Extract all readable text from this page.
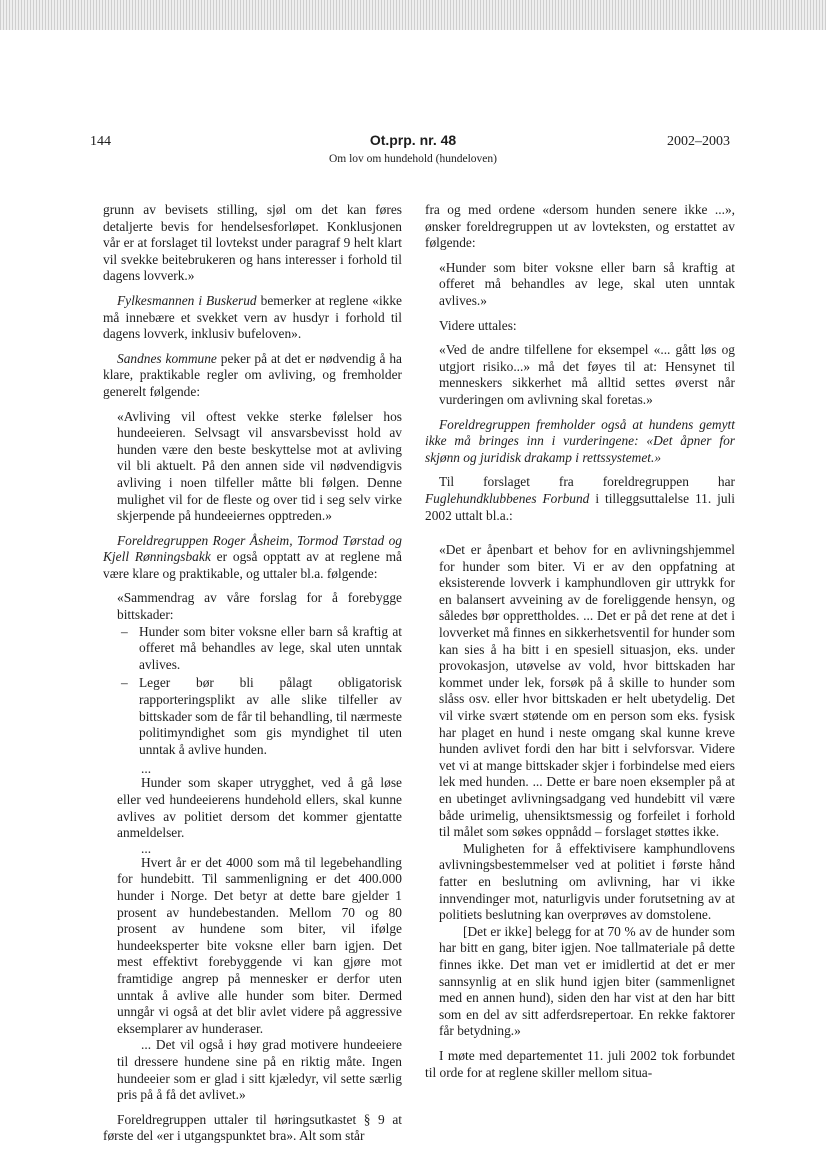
144	Ot.prp. nr. 48
Om lov om hundehold (hundeloven)
2002–2003

grunn av bevisets stilling, sjøl om det kan føres detaljerte bevis for hendelsesforløpet. Konklusjonen vår er at forslaget til lovtekst under paragraf 9 helt klart vil svekke beitebrukeren og hans interesser i forhold til dagens lovverk.»

Fylkesmannen i Buskerud bemerker at reglene «ikke må innebære et svekket vern av husdyr i forhold til dagens lovverk, inklusiv bufeloven».

Sandnes kommune peker på at det er nødvendig å ha klare, praktikable regler om avliving, og fremholder generelt følgende:

«Avliving vil oftest vekke sterke følelser hos hundeeieren. Selvsagt vil ansvarsbevisst hold av hunden være den beste beskyttelse mot at avliving vil bli aktuelt. På den annen side vil nødvendigvis avliving i noen tilfeller måtte bli følgen. Denne mulighet vil for de fleste og over tid i seg selv virke skjerpende på hundeeiernes opptreden.»

Foreldregruppen Roger Åsheim, Tormod Tørstad og Kjell Rønningsbakk er også opptatt av at reglene må være klare og praktikable, og uttaler bl.a. følgende:

«Sammendrag av våre forslag for å forebygge bittskader:

– Hunder som biter voksne eller barn så kraftig at offeret må behandles av lege, skal uten unntak avlives.
– Leger bør bli pålagt obligatorisk rapporteringsplikt av alle slike tilfeller av bittskader som de får til behandling, til nærmeste politimyndighet som gis myndighet til uten unntak å avlive hunden.
...

Hunder som skaper utrygghet, ved å gå løse eller ved hundeeierens hundehold ellers, skal kunne avlives av politiet dersom det kommer gjentatte anmeldelser.

...

Hvert år er det 4000 som må til legebehandling for hundebitt. Til sammenligning er det 400.000 hunder i Norge. Det betyr at dette bare gjelder 1 prosent av hundebestanden. Mellom 70 og 80 prosent av hundene som biter, vil ifølge hundeeksperter bite voksne eller barn igjen. Det mest effektivt forebyggende vi kan gjøre mot framtidige angrep på mennesker er derfor uten unntak å avlive alle hunder som biter. Dermed unngår vi også at det blir avlet videre på aggressive eksemplarer av hunderaser.

... Det vil også i høy grad motivere hundeeiere til dressere hundene sine på en riktig måte. Ingen hundeeier som er glad i sitt kjæledyr, vil sette særlig pris på å få det avlivet.»

Foreldregruppen uttaler til høringsutkastet § 9 at første del «er i utgangspunktet bra». Alt som står

fra og med ordene «dersom hunden senere ikke ...», ønsker foreldregruppen ut av lovteksten, og erstattet av følgende:

«Hunder som biter voksne eller barn så kraftig at offeret må behandles av lege, skal uten unntak avlives.»

Videre uttales:

«Ved de andre tilfellene for eksempel «... gått løs og utgjort risiko...» må det føyes til at: Hensynet til menneskers sikkerhet må alltid settes øverst når vurderingen om avlivning skal foretas.»

Foreldregruppen fremholder også at hundens gemytt ikke må bringes inn i vurderingene: «Det åpner for skjønn og juridisk drakamp i rettssystemet.»

Til forslaget fra foreldregruppen har Fuglehundklubbenes Forbund i tilleggsuttalelse 11. juli 2002 uttalt bl.a.:

«Det er åpenbart et behov for en avlivningshjemmel for hunder som biter. Vi er av den oppfatning at eksisterende lovverk i kamphundloven gir uttrykk for en balansert avveining av de foreliggende hensyn, og således bør opprettholdes. ... Det er på det rene at det i lovverket må finnes en sikkerhetsventil for hunder som kan sies å ha bitt i en spesiell situasjon, eks. under provokasjon, utøvelse av vold, hvor bittskaden har kommet under lek, forsøk på å skille to hunder som slåss osv. eller hvor bittskaden er helt ubetydelig. Det vil virke svært støtende om en person som eks. fysisk har plaget en hund i neste omgang skal kunne kreve hunden avlivet fordi den har bitt i selvforsvar. Videre vet vi at mange bittskader skjer i forbindelse med eiers lek med hunden. ... Dette er bare noen eksempler på at en ubetinget avlivningsadgang ved hundebitt vil være både urimelig, uhensiktsmessig og forfeilet i forhold til målet som søkes oppnådd – forslaget støttes ikke.

Muligheten for å effektivisere kamphundlovens avlivningsbestemmelser ved at politiet i første hånd fatter en beslutning om avlivning, har vi ikke innvendinger mot, naturligvis under forutsetning av at politiets beslutning kan overprøves av domstolene.

[Det er ikke] belegg for at 70 % av de hunder som har bitt en gang, biter igjen. Noe tallmateriale på dette finnes ikke. Det man vet er imidlertid at det er mer sannsynlig at en slik hund igjen biter (sammenlignet med en annen hund), siden den har vist at den har bitt som en del av sitt adferdsrepertoar. En rekke faktorer får betydning.»

I møte med departementet 11. juli 2002 tok forbundet til orde for at reglene skiller mellom situa-
